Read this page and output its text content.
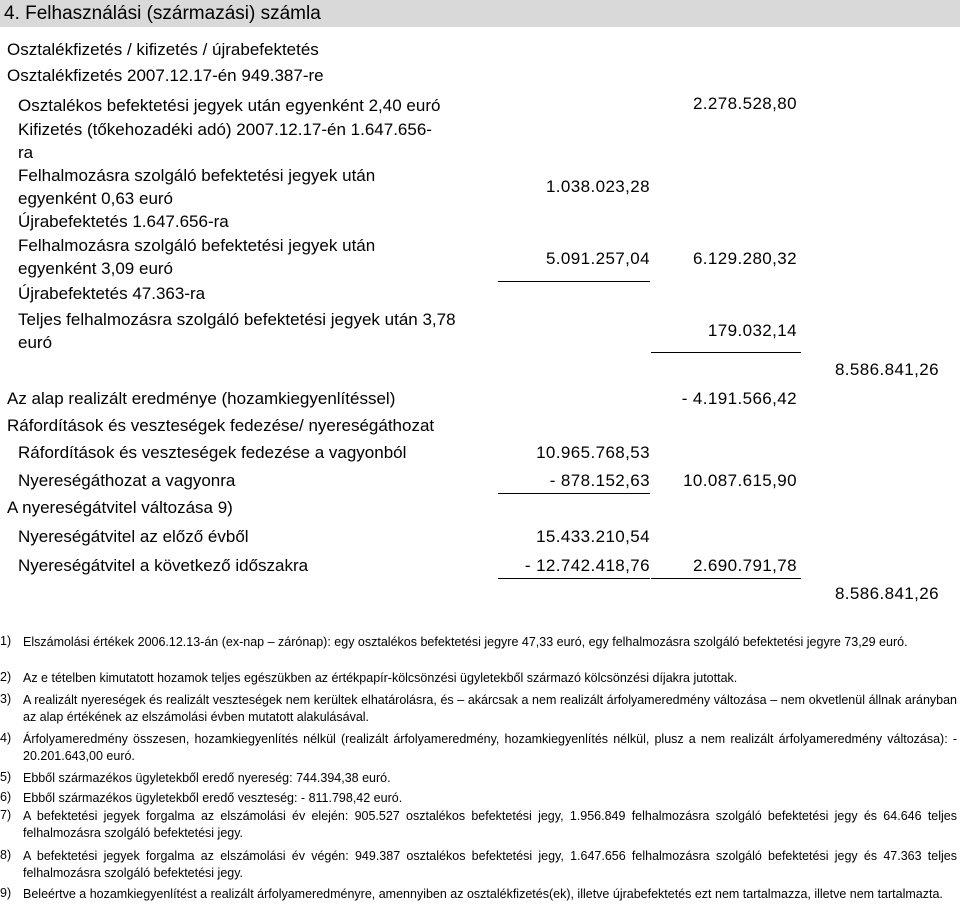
4. Felhasználási (származási) számla
Osztalékfizetés / kifizetés / újrabefektetés
Osztalékfizetés 2007.12.17-én 949.387-re
Osztalékos befektetési jegyek után egyenként 2,40 euró
Kifizetés (tőkehozadéki adó) 2007.12.17-én 1.647.656-
ra
Felhalmozásra szolgáló befektetési jegyek után
egyenként 0,63 euró
Újrabefektetés 1.647.656-ra
Felhalmozásra szolgáló befektetési jegyek után
egyenként 3,09 euró
Újrabefektetés 47.363-ra
Teljes felhalmozásra szolgáló befektetési jegyek után 3,78
euró
Az alap realizált eredménye (hozamkiegyenlítéssel)
Ráfordítások és veszteségek fedezése/ nyereségáthozat
Ráfordítások és veszteségek fedezése a vagyonból
Nyereségáthozat a vagyonra
A nyereségátvitel változása 9)
Nyereségátvitel az előző évből
Nyereségátvitel a következő időszakra
2.278.528,80
1.038.023,28
5.091.257,04	6.129.280,32
179.032,14
8.586.841,26
- 4.191.566,42
10.965.768,53
- 878.152,63 10.087.615,90
15.433.210,54
- 12.742.418,76	2.690.791,78
8.586.841,26
1) Elszámolási értékek 2006.12.13-án (ex-nap – zárónap): egy osztalékos befektetési jegyre 47,33 euró, egy felhalmozásra szolgáló befektetési jegyre 73,29 euró.
2) Az e tételben kimutatott hozamok teljes egészükben az értékpapír-kölcsönzési ügyletekből származó kölcsönzési díjakra jutottak.
3) A realizált nyereségek és realizált veszteségek nem kerültek elhatárolásra, és – akárcsak a nem realizált árfolyameredmény változása – nem okvetlenül állnak arányban az alap értékének az elszámolási évben mutatott alakulásával.
4) Árfolyameredmény összesen, hozamkiegyenlítés nélkül (realizált árfolyameredmény, hozamkiegyenlítés nélkül, plusz a nem realizált árfolyameredmény változása): - 20.201.643,00 euró.
5) Ebből származékos ügyletekből eredő nyereség: 744.394,38 euró.
6) Ebből származékos ügyletekből eredő veszteség: - 811.798,42 euró.
7) A befektetési jegyek forgalma az elszámolási év elején: 905.527 osztalékos befektetési jegy, 1.956.849 felhalmozásra szolgáló befektetési jegy és 64.646 teljes felhalmozásra szolgáló befektetési jegy.
8) A befektetési jegyek forgalma az elszámolási év végén: 949.387 osztalékos befektetési jegy, 1.647.656 felhalmozásra szolgáló befektetési jegy és 47.363 teljes felhalmozásra szolgáló befektetési jegy.
9) Beleértve a hozamkiegyenlítést a realizált árfolyameredményre, amennyiben az osztalékfizetés(ek), illetve újrabefektetés ezt nem tartalmazza, illetve nem tartalmazta.
